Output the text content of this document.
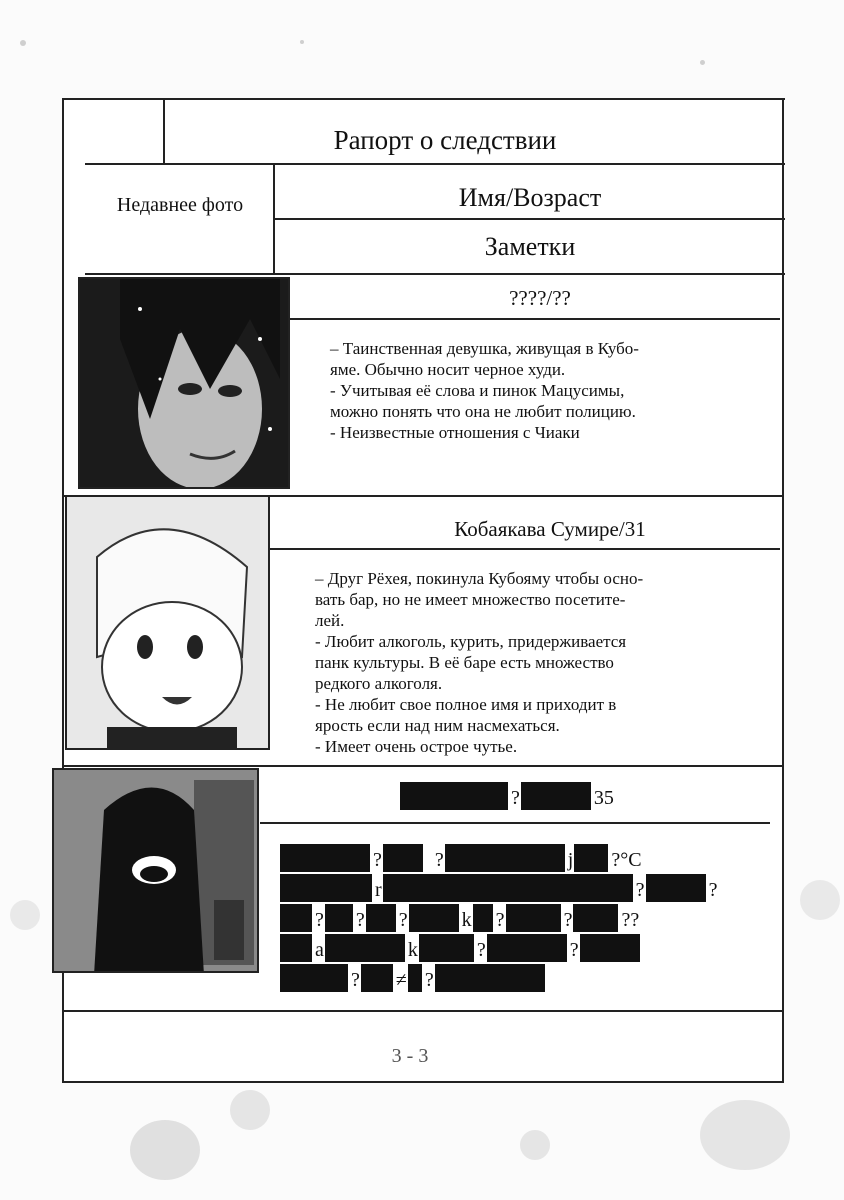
Рапорт о следствии
Недавнее фото	Имя/Возраст
Заметки
????/??
– Таинственная девушка, живущая в Кубо-
яме. Обычно носит черное худи.
- Учитывая её слова и пинок Мацусимы,
можно понять что она не любит полицию.
- Неизвестные отношения с Чиаки
Кобаякава Сумире/31
– Друг Рёхея, покинула Кубояму чтобы осно-
вать бар, но не имеет множество посетите-
лей.
- Любит алкоголь, курить, придерживается
панк культуры. В её баре есть множество
редкого алкоголя.
- Не любит свое полное имя и приходит в
ярость если над ним насмехаться.
- Имеет очень острое чутье.
?	35
?	?	j ?°C
r	?	?
? ? ?	k ?	? ??
a	k	?	?
? ≠ ?
3 - 3
